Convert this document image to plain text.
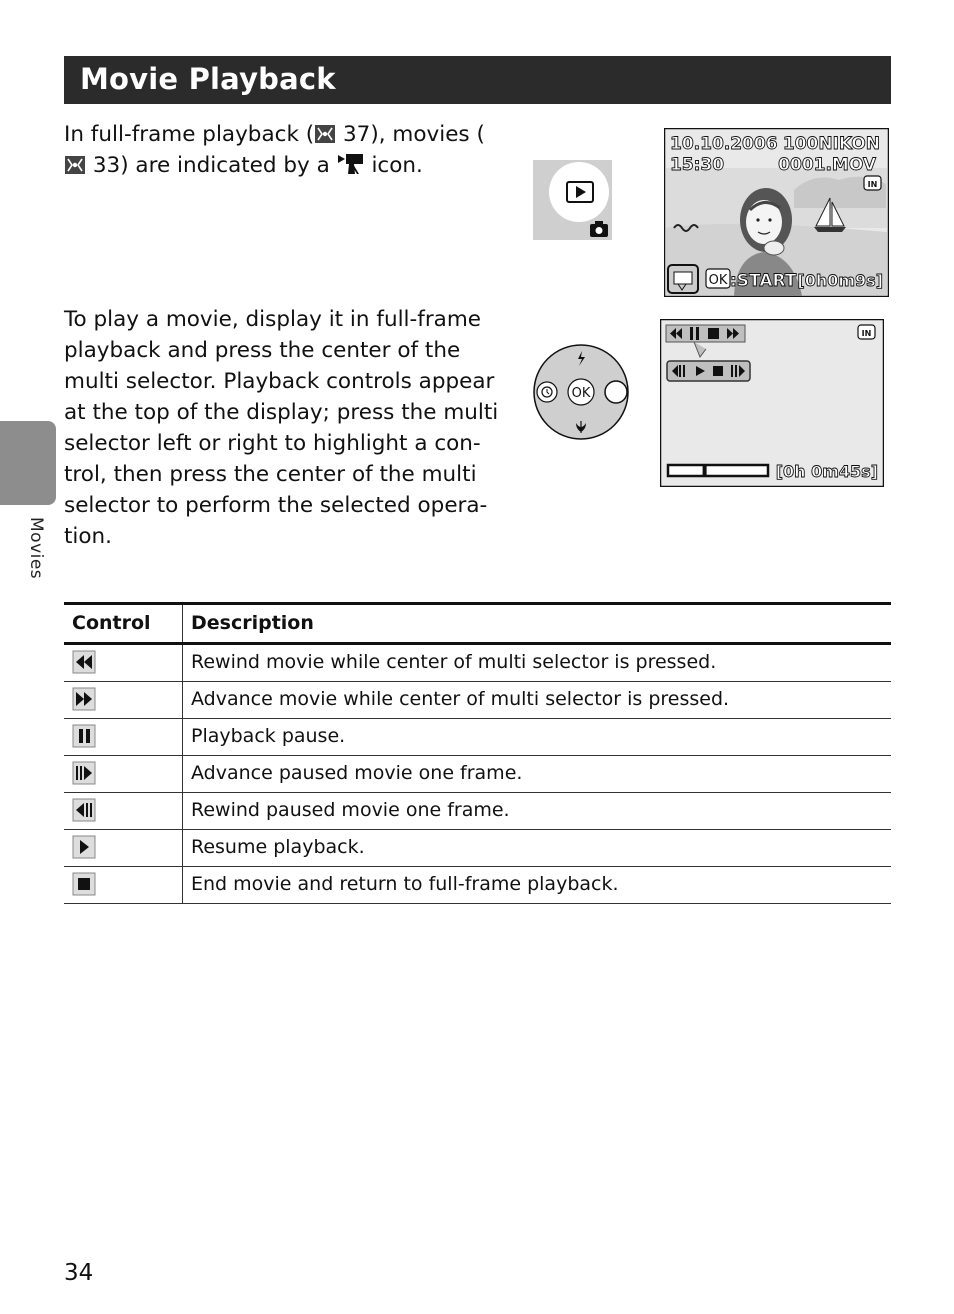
Movie Playback
Movies

In full-frame playback ( 37), movies ( 33) are indicated by a  icon.

10.10.2006
15:30
100NIKON
0001.MOV
IN
OK :START [0h0m9s]

To play a movie, display it in full-frame playback and press the center of the multi selector. Playback controls appear at the top of the display; press the multi selector left or right to highlight a con- trol, then press the center of the multi selector to perform the selected opera- tion.

OK
IN
[0h 0m45s]
Control	Description
	Rewind movie while center of multi selector is pressed.
	Advance movie while center of multi selector is pressed.
	Playback pause.
	Advance paused movie one frame.
	Rewind paused movie one frame.
	Resume playback.
	End movie and return to full-frame playback.
34
